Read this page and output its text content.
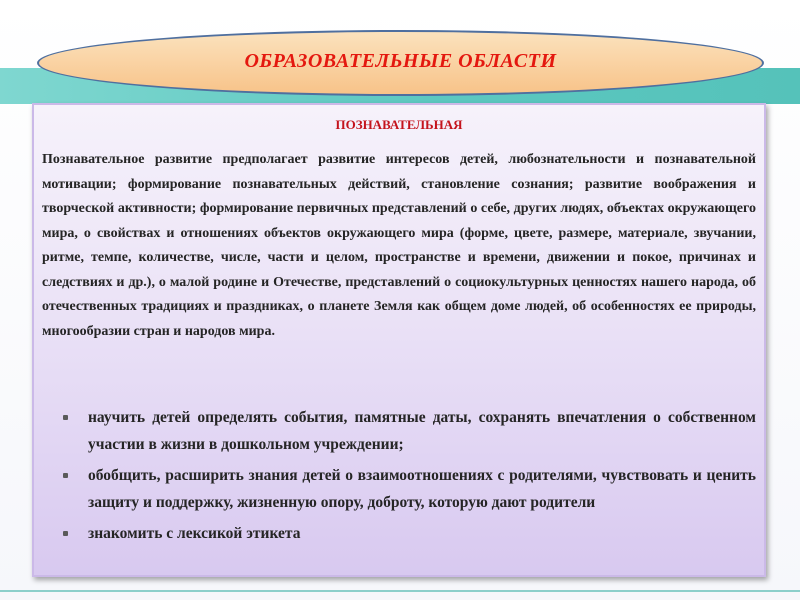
ОБРАЗОВАТЕЛЬНЫЕ ОБЛАСТИ
ПОЗНАВАТЕЛЬНАЯ

Познавательное развитие предполагает развитие интересов детей, любознательности и познавательной мотивации; формирование познавательных действий, становление сознания; развитие воображения и творческой активности; формирование первичных представлений о себе, других людях, объектах окружающего мира, о свойствах и отношениях объектов окружающего мира (форме, цвете, размере, материале, звучании, ритме, темпе, количестве, числе, части и целом, пространстве и времени, движении и покое, причинах и следствиях и др.), о малой родине и Отечестве, представлений о социокультурных ценностях нашего народа, об отечественных традициях и праздниках, о планете Земля как общем доме людей, об особенностях ее природы, многообразии стран и народов мира.

научить детей определять события, памятные даты, сохранять впечатления о собственном участии в жизни в дошкольном учреждении;
обобщить, расширить знания детей о взаимоотношениях с родителями, чувствовать и ценить защиту и поддержку, жизненную опору, доброту, которую дают родители
знакомить с лексикой этикета
